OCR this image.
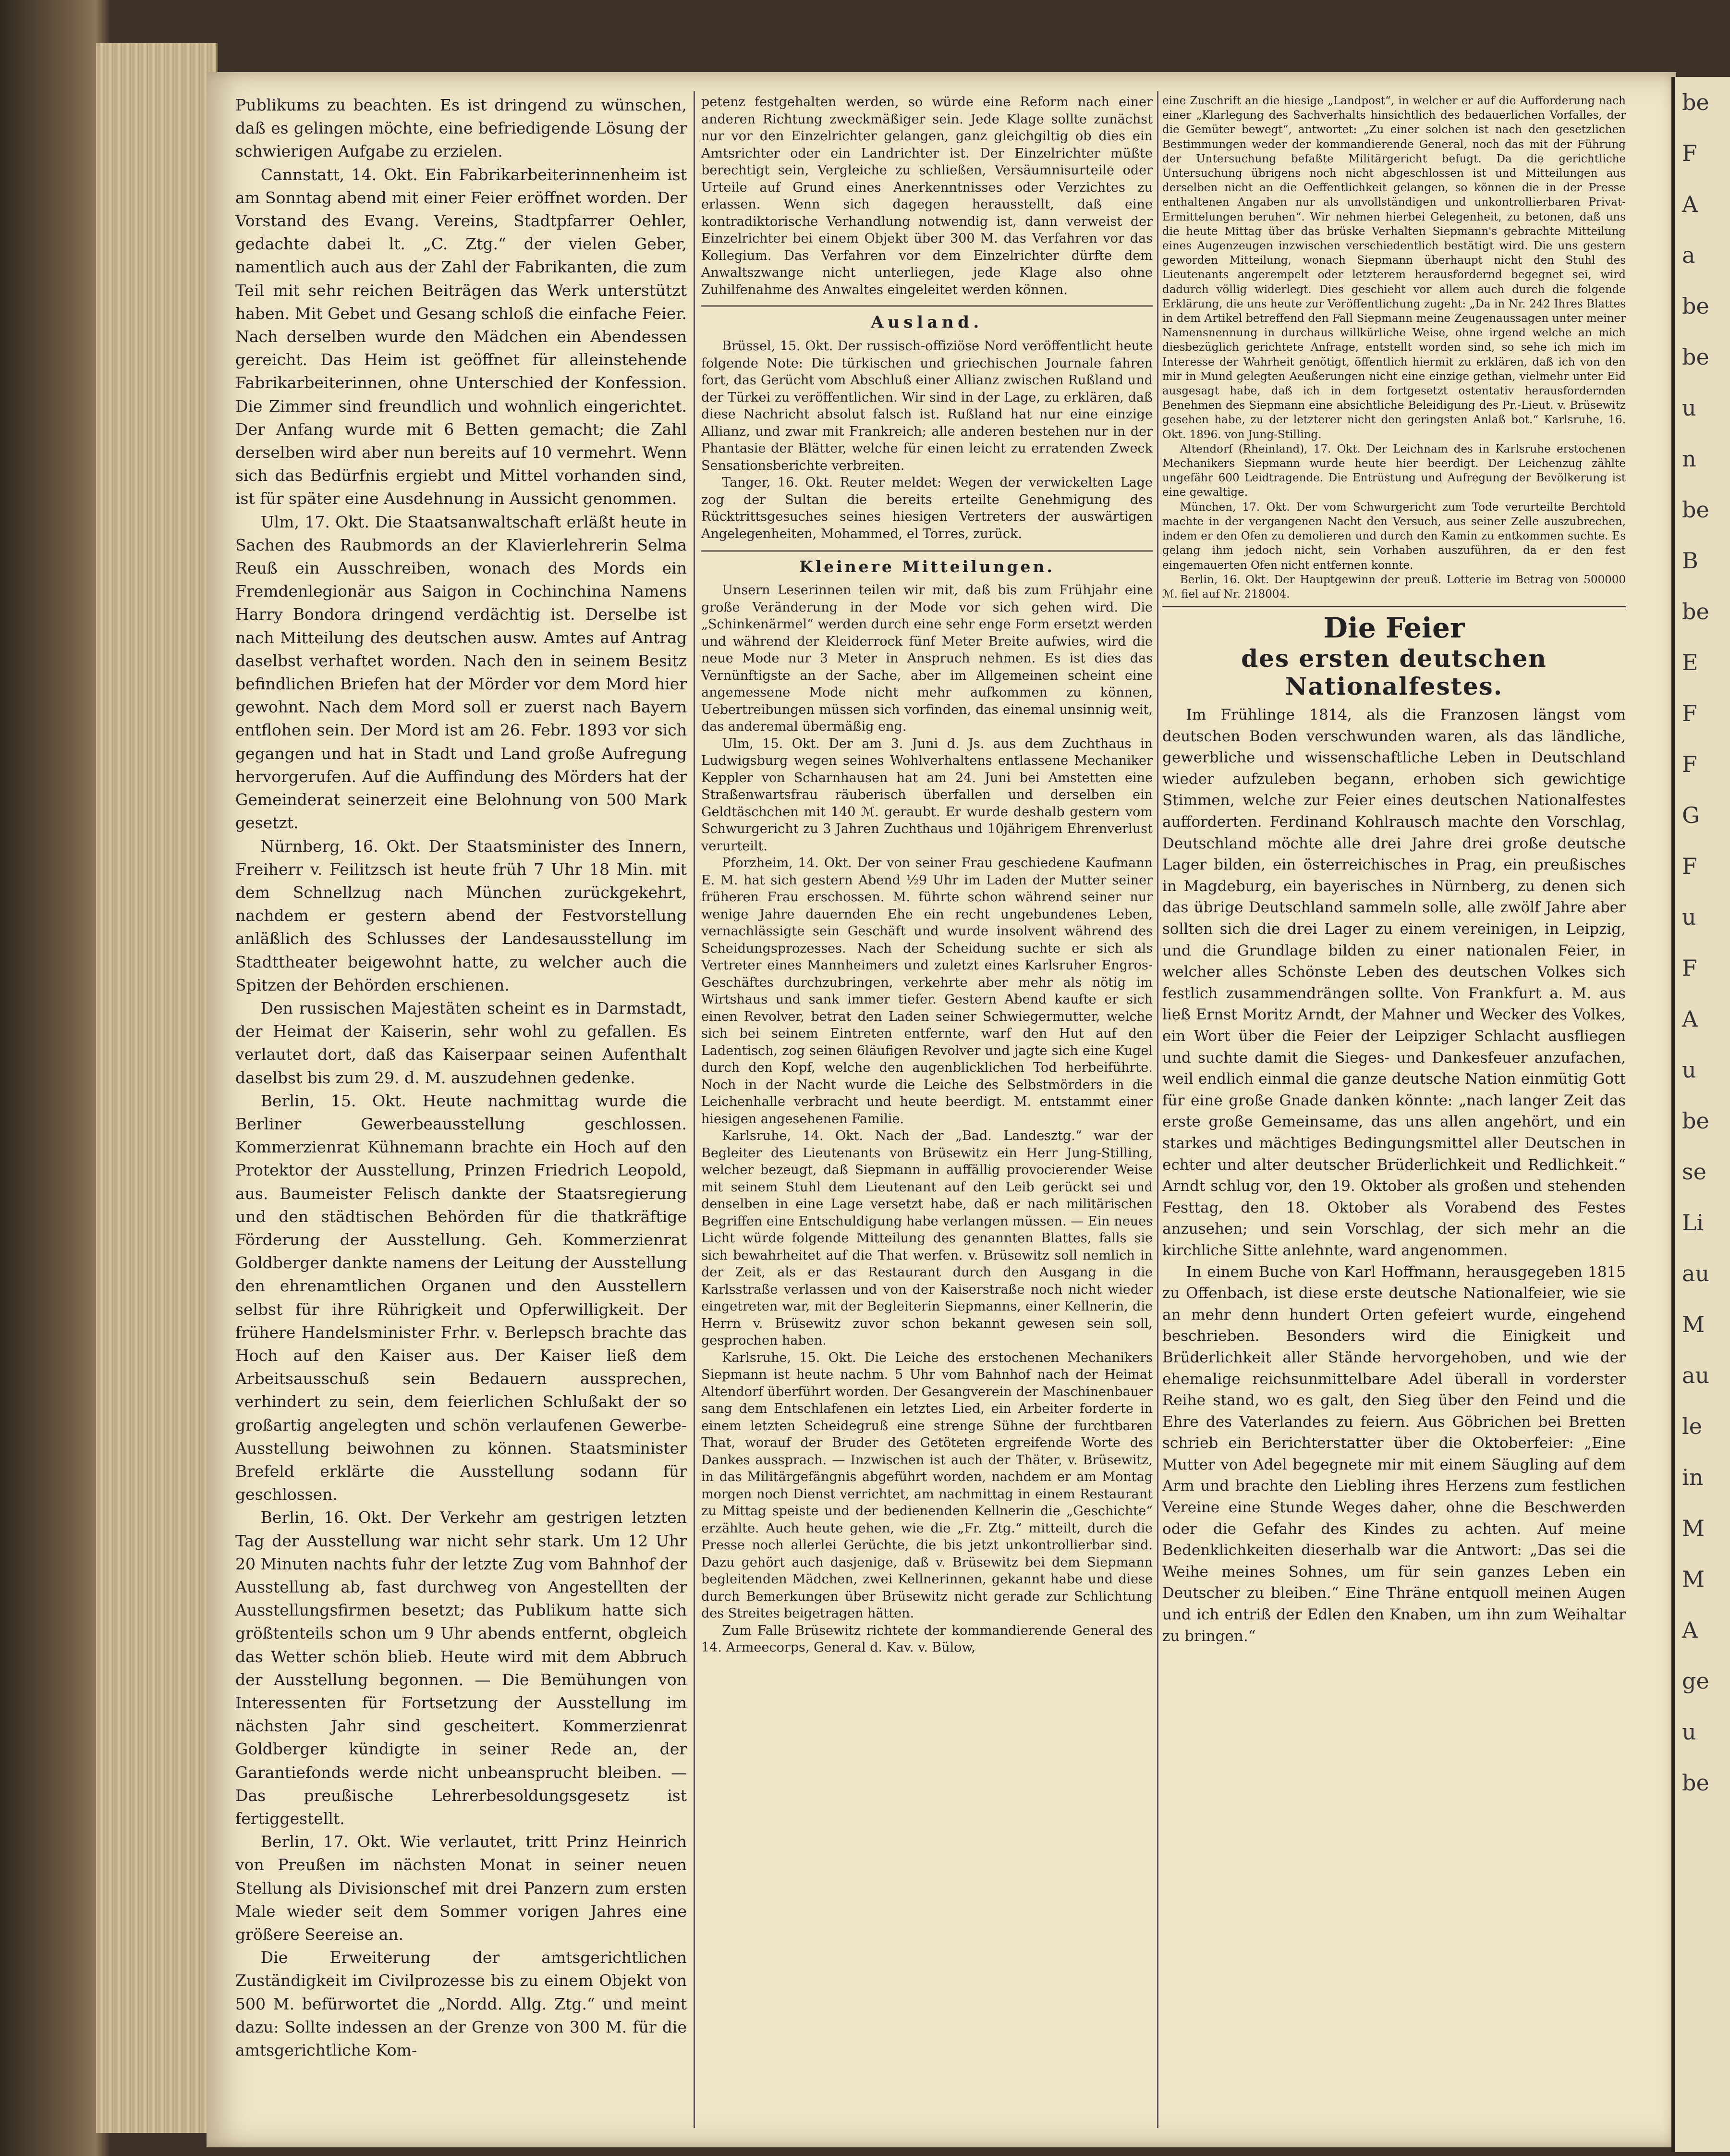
Publikums zu beachten. Es ist dringend zu wünschen, daß es gelingen möchte, eine befriedigende Lösung der schwierigen Aufgabe zu erzielen.

Cannstatt, 14. Okt. Ein Fabrikarbeiterinnenheim ist am Sonntag abend mit einer Feier eröffnet worden. Der Vorstand des Evang. Vereins, Stadtpfarrer Oehler, gedachte dabei lt. „C. Ztg.“ der vielen Geber, namentlich auch aus der Zahl der Fabrikanten, die zum Teil mit sehr reichen Beiträgen das Werk unterstützt haben. Mit Gebet und Gesang schloß die einfache Feier. Nach derselben wurde den Mädchen ein Abendessen gereicht. Das Heim ist geöffnet für alleinstehende Fabrikarbeiterinnen, ohne Unterschied der Konfession. Die Zimmer sind freundlich und wohnlich eingerichtet. Der Anfang wurde mit 6 Betten gemacht; die Zahl derselben wird aber nun bereits auf 10 vermehrt. Wenn sich das Bedürfnis ergiebt und Mittel vorhanden sind, ist für später eine Ausdehnung in Aussicht genommen.

Ulm, 17. Okt. Die Staatsanwaltschaft erläßt heute in Sachen des Raubmords an der Klavierlehrerin Selma Reuß ein Ausschreiben, wonach des Mords ein Fremdenlegionär aus Saigon in Cochinchina Namens Harry Bondora dringend verdächtig ist. Derselbe ist nach Mitteilung des deutschen ausw. Amtes auf Antrag daselbst verhaftet worden. Nach den in seinem Besitz befindlichen Briefen hat der Mörder vor dem Mord hier gewohnt. Nach dem Mord soll er zuerst nach Bayern entflohen sein. Der Mord ist am 26. Febr. 1893 vor sich gegangen und hat in Stadt und Land große Aufregung hervorgerufen. Auf die Auffindung des Mörders hat der Gemeinderat seinerzeit eine Belohnung von 500 Mark gesetzt.

Nürnberg, 16. Okt. Der Staatsminister des Innern, Freiherr v. Feilitzsch ist heute früh 7 Uhr 18 Min. mit dem Schnellzug nach München zurückgekehrt, nachdem er gestern abend der Festvorstellung anläßlich des Schlusses der Landesausstellung im Stadttheater beigewohnt hatte, zu welcher auch die Spitzen der Behörden erschienen.

Den russischen Majestäten scheint es in Darmstadt, der Heimat der Kaiserin, sehr wohl zu gefallen. Es verlautet dort, daß das Kaiserpaar seinen Aufenthalt daselbst bis zum 29. d. M. auszudehnen gedenke.

Berlin, 15. Okt. Heute nachmittag wurde die Berliner Gewerbeausstellung geschlossen. Kommerzienrat Kühnemann brachte ein Hoch auf den Protektor der Ausstellung, Prinzen Friedrich Leopold, aus. Baumeister Felisch dankte der Staatsregierung und den städtischen Behörden für die thatkräftige Förderung der Ausstellung. Geh. Kommerzienrat Goldberger dankte namens der Leitung der Ausstellung den ehrenamtlichen Organen und den Ausstellern selbst für ihre Rührigkeit und Opferwilligkeit. Der frühere Handelsminister Frhr. v. Berlepsch brachte das Hoch auf den Kaiser aus. Der Kaiser ließ dem Arbeitsausschuß sein Bedauern aussprechen, verhindert zu sein, dem feierlichen Schlußakt der so großartig angelegten und schön verlaufenen Gewerbe-Ausstellung beiwohnen zu können. Staatsminister Brefeld erklärte die Ausstellung sodann für geschlossen.

Berlin, 16. Okt. Der Verkehr am gestrigen letzten Tag der Ausstellung war nicht sehr stark. Um 12 Uhr 20 Minuten nachts fuhr der letzte Zug vom Bahnhof der Ausstellung ab, fast durchweg von Angestellten der Ausstellungsfirmen besetzt; das Publikum hatte sich größtenteils schon um 9 Uhr abends entfernt, obgleich das Wetter schön blieb. Heute wird mit dem Abbruch der Ausstellung begonnen. — Die Bemühungen von Interessenten für Fortsetzung der Ausstellung im nächsten Jahr sind gescheitert. Kommerzienrat Goldberger kündigte in seiner Rede an, der Garantiefonds werde nicht unbeansprucht bleiben. — Das preußische Lehrerbesoldungsgesetz ist fertiggestellt.

Berlin, 17. Okt. Wie verlautet, tritt Prinz Heinrich von Preußen im nächsten Monat in seiner neuen Stellung als Divisionschef mit drei Panzern zum ersten Male wieder seit dem Sommer vorigen Jahres eine größere Seereise an.

Die Erweiterung der amtsgerichtlichen Zuständigkeit im Civilprozesse bis zu einem Objekt von 500 M. befürwortet die „Nordd. Allg. Ztg.“ und meint dazu: Sollte indessen an der Grenze von 300 M. für die amtsgerichtliche Kom-

petenz festgehalten werden, so würde eine Reform nach einer anderen Richtung zweckmäßiger sein. Jede Klage sollte zunächst nur vor den Einzelrichter gelangen, ganz gleichgiltig ob dies ein Amtsrichter oder ein Landrichter ist. Der Einzelrichter müßte berechtigt sein, Vergleiche zu schließen, Versäumnisurteile oder Urteile auf Grund eines Anerkenntnisses oder Verzichtes zu erlassen. Wenn sich dagegen herausstellt, daß eine kontradiktorische Verhandlung notwendig ist, dann verweist der Einzelrichter bei einem Objekt über 300 M. das Verfahren vor das Kollegium. Das Verfahren vor dem Einzelrichter dürfte dem Anwaltszwange nicht unterliegen, jede Klage also ohne Zuhilfenahme des Anwaltes eingeleitet werden können.

Ausland.

Brüssel, 15. Okt. Der russisch-offiziöse Nord veröffentlicht heute folgende Note: Die türkischen und griechischen Journale fahren fort, das Gerücht vom Abschluß einer Allianz zwischen Rußland und der Türkei zu veröffentlichen. Wir sind in der Lage, zu erklären, daß diese Nachricht absolut falsch ist. Rußland hat nur eine einzige Allianz, und zwar mit Frankreich; alle anderen bestehen nur in der Phantasie der Blätter, welche für einen leicht zu erratenden Zweck Sensationsberichte verbreiten.

Tanger, 16. Okt. Reuter meldet: Wegen der verwickelten Lage zog der Sultan die bereits erteilte Genehmigung des Rücktrittsgesuches seines hiesigen Vertreters der auswärtigen Angelegenheiten, Mohammed, el Torres, zurück.

Kleinere Mitteilungen.

Unsern Leserinnen teilen wir mit, daß bis zum Frühjahr eine große Veränderung in der Mode vor sich gehen wird. Die „Schinkenärmel“ werden durch eine sehr enge Form ersetzt werden und während der Kleiderrock fünf Meter Breite aufwies, wird die neue Mode nur 3 Meter in Anspruch nehmen. Es ist dies das Vernünftigste an der Sache, aber im Allgemeinen scheint eine angemessene Mode nicht mehr aufkommen zu können, Uebertreibungen müssen sich vorfinden, das einemal unsinnig weit, das anderemal übermäßig eng.

Ulm, 15. Okt. Der am 3. Juni d. Js. aus dem Zuchthaus in Ludwigsburg wegen seines Wohlverhaltens entlassene Mechaniker Keppler von Scharnhausen hat am 24. Juni bei Amstetten eine Straßenwartsfrau räuberisch überfallen und derselben ein Geldtäschchen mit 140 ℳ. geraubt. Er wurde deshalb gestern vom Schwurgericht zu 3 Jahren Zuchthaus und 10jährigem Ehrenverlust verurteilt.

Pforzheim, 14. Okt. Der von seiner Frau geschiedene Kaufmann E. M. hat sich gestern Abend ½9 Uhr im Laden der Mutter seiner früheren Frau erschossen. M. führte schon während seiner nur wenige Jahre dauernden Ehe ein recht ungebundenes Leben, vernachlässigte sein Geschäft und wurde insolvent während des Scheidungsprozesses. Nach der Scheidung suchte er sich als Vertreter eines Mannheimers und zuletzt eines Karlsruher Engros-Geschäftes durchzubringen, verkehrte aber mehr als nötig im Wirtshaus und sank immer tiefer. Gestern Abend kaufte er sich einen Revolver, betrat den Laden seiner Schwiegermutter, welche sich bei seinem Eintreten entfernte, warf den Hut auf den Ladentisch, zog seinen 6läufigen Revolver und jagte sich eine Kugel durch den Kopf, welche den augenblicklichen Tod herbeiführte. Noch in der Nacht wurde die Leiche des Selbstmörders in die Leichenhalle verbracht und heute beerdigt. M. entstammt einer hiesigen angesehenen Familie.

Karlsruhe, 14. Okt. Nach der „Bad. Landesztg.“ war der Begleiter des Lieutenants von Brüsewitz ein Herr Jung-Stilling, welcher bezeugt, daß Siepmann in auffällig provocierender Weise mit seinem Stuhl dem Lieutenant auf den Leib gerückt sei und denselben in eine Lage versetzt habe, daß er nach militärischen Begriffen eine Entschuldigung habe verlangen müssen. — Ein neues Licht würde folgende Mitteilung des genannten Blattes, falls sie sich bewahrheitet auf die That werfen. v. Brüsewitz soll nemlich in der Zeit, als er das Restaurant durch den Ausgang in die Karlsstraße verlassen und von der Kaiserstraße noch nicht wieder eingetreten war, mit der Begleiterin Siepmanns, einer Kellnerin, die Herrn v. Brüsewitz zuvor schon bekannt gewesen sein soll, gesprochen haben.

Karlsruhe, 15. Okt. Die Leiche des erstochenen Mechanikers Siepmann ist heute nachm. 5 Uhr vom Bahnhof nach der Heimat Altendorf überführt worden. Der Gesangverein der Maschinenbauer sang dem Entschlafenen ein letztes Lied, ein Arbeiter forderte in einem letzten Scheidegruß eine strenge Sühne der furchtbaren That, worauf der Bruder des Getöteten ergreifende Worte des Dankes aussprach. — Inzwischen ist auch der Thäter, v. Brüsewitz, in das Militärgefängnis abgeführt worden, nachdem er am Montag morgen noch Dienst verrichtet, am nachmittag in einem Restaurant zu Mittag speiste und der bedienenden Kellnerin die „Geschichte“ erzählte. Auch heute gehen, wie die „Fr. Ztg.“ mitteilt, durch die Presse noch allerlei Gerüchte, die bis jetzt unkontrollierbar sind. Dazu gehört auch dasjenige, daß v. Brüsewitz bei dem Siepmann begleitenden Mädchen, zwei Kellnerinnen, gekannt habe und diese durch Bemerkungen über Brüsewitz nicht gerade zur Schlichtung des Streites beigetragen hätten.

Zum Falle Brüsewitz richtete der kommandierende General des 14. Armeecorps, General d. Kav. v. Bülow,

eine Zuschrift an die hiesige „Landpost“, in welcher er auf die Aufforderung nach einer „Klarlegung des Sachverhalts hinsichtlich des bedauerlichen Vorfalles, der die Gemüter bewegt“, antwortet: „Zu einer solchen ist nach den gesetzlichen Bestimmungen weder der kommandierende General, noch das mit der Führung der Untersuchung befaßte Militärgericht befugt. Da die gerichtliche Untersuchung übrigens noch nicht abgeschlossen ist und Mitteilungen aus derselben nicht an die Oeffentlichkeit gelangen, so können die in der Presse enthaltenen Angaben nur als unvollständigen und unkontrollierbaren Privat-Ermittelungen beruhen“. Wir nehmen hierbei Gelegenheit, zu betonen, daß uns die heute Mittag über das brüske Verhalten Siepmann's gebrachte Mitteilung eines Augenzeugen inzwischen verschiedentlich bestätigt wird. Die uns gestern geworden Mitteilung, wonach Siepmann überhaupt nicht den Stuhl des Lieutenants angerempelt oder letzterem herausfordernd begegnet sei, wird dadurch völlig widerlegt. Dies geschieht vor allem auch durch die folgende Erklärung, die uns heute zur Veröffentlichung zugeht: „Da in Nr. 242 Ihres Blattes in dem Artikel betreffend den Fall Siepmann meine Zeugenaussagen unter meiner Namensnennung in durchaus willkürliche Weise, ohne irgend welche an mich diesbezüglich gerichtete Anfrage, entstellt worden sind, so sehe ich mich im Interesse der Wahrheit genötigt, öffentlich hiermit zu erklären, daß ich von den mir in Mund gelegten Aeußerungen nicht eine einzige gethan, vielmehr unter Eid ausgesagt habe, daß ich in dem fortgesetzt ostentativ herausfordernden Benehmen des Siepmann eine absichtliche Beleidigung des Pr.-Lieut. v. Brüsewitz gesehen habe, zu der letzterer nicht den geringsten Anlaß bot.“ Karlsruhe, 16. Okt. 1896. von Jung-Stilling.

Altendorf (Rheinland), 17. Okt. Der Leichnam des in Karlsruhe erstochenen Mechanikers Siepmann wurde heute hier beerdigt. Der Leichenzug zählte ungefähr 600 Leidtragende. Die Entrüstung und Aufregung der Bevölkerung ist eine gewaltige.

München, 17. Okt. Der vom Schwurgericht zum Tode verurteilte Berchtold machte in der vergangenen Nacht den Versuch, aus seiner Zelle auszubrechen, indem er den Ofen zu demolieren und durch den Kamin zu entkommen suchte. Es gelang ihm jedoch nicht, sein Vorhaben auszuführen, da er den fest eingemauerten Ofen nicht entfernen konnte.

Berlin, 16. Okt. Der Hauptgewinn der preuß. Lotterie im Betrag von 500000 ℳ. fiel auf Nr. 218004.

Die Feier
des ersten deutschen Nationalfestes.

Im Frühlinge 1814, als die Franzosen längst vom deutschen Boden verschwunden waren, als das ländliche, gewerbliche und wissenschaftliche Leben in Deutschland wieder aufzuleben begann, erhoben sich gewichtige Stimmen, welche zur Feier eines deutschen Nationalfestes aufforderten. Ferdinand Kohlrausch machte den Vorschlag, Deutschland möchte alle drei Jahre drei große deutsche Lager bilden, ein österreichisches in Prag, ein preußisches in Magdeburg, ein bayerisches in Nürnberg, zu denen sich das übrige Deutschland sammeln solle, alle zwölf Jahre aber sollten sich die drei Lager zu einem vereinigen, in Leipzig, und die Grundlage bilden zu einer nationalen Feier, in welcher alles Schönste Leben des deutschen Volkes sich festlich zusammendrängen sollte. Von Frankfurt a. M. aus ließ Ernst Moritz Arndt, der Mahner und Wecker des Volkes, ein Wort über die Feier der Leipziger Schlacht ausfliegen und suchte damit die Sieges- und Dankesfeuer anzufachen, weil endlich einmal die ganze deutsche Nation einmütig Gott für eine große Gnade danken könnte: „nach langer Zeit das erste große Gemeinsame, das uns allen angehört, und ein starkes und mächtiges Bedingungsmittel aller Deutschen in echter und alter deutscher Brüderlichkeit und Redlichkeit.“ Arndt schlug vor, den 19. Oktober als großen und stehenden Festtag, den 18. Oktober als Vorabend des Festes anzusehen; und sein Vorschlag, der sich mehr an die kirchliche Sitte anlehnte, ward angenommen.

In einem Buche von Karl Hoffmann, herausgegeben 1815 zu Offenbach, ist diese erste deutsche Nationalfeier, wie sie an mehr denn hundert Orten gefeiert wurde, eingehend beschrieben. Besonders wird die Einigkeit und Brüderlichkeit aller Stände hervorgehoben, und wie der ehemalige reichsunmittelbare Adel überall in vorderster Reihe stand, wo es galt, den Sieg über den Feind und die Ehre des Vaterlandes zu feiern. Aus Göbrichen bei Bretten schrieb ein Berichterstatter über die Oktoberfeier: „Eine Mutter von Adel begegnete mir mit einem Säugling auf dem Arm und brachte den Liebling ihres Herzens zum festlichen Vereine eine Stunde Weges daher, ohne die Beschwerden oder die Gefahr des Kindes zu achten. Auf meine Bedenklichkeiten dieserhalb war die Antwort: „Das sei die Weihe meines Sohnes, um für sein ganzes Leben ein Deutscher zu bleiben.“ Eine Thräne entquoll meinen Augen und ich entriß der Edlen den Knaben, um ihn zum Weihaltar zu bringen.“

be
F
A
a
be
be
u
n
be
B
be
E
F
F
G
F
u
F
A
u
be
se
Li
au
M
au
le
in
M
M
A
ge
u
be
